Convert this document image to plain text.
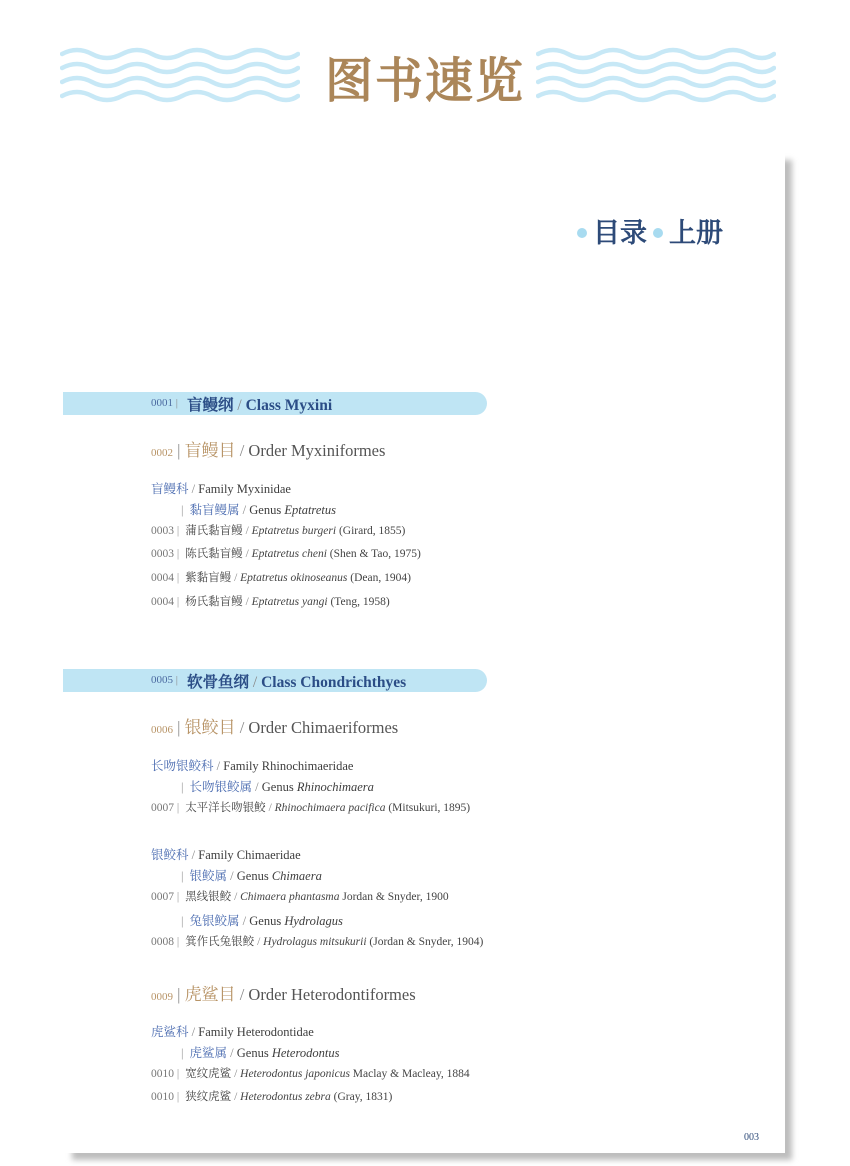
图书速览
目录 上册
0001 | 盲鳗纲 / Class Myxini
0002 | 盲鳗目 / Order Myxiniformes
盲鳗科 / Family Myxinidae
| 黏盲鳗属 / Genus Eptatretus
0003 | 蒲氏黏盲鳗 / Eptatretus burgeri (Girard, 1855)
0003 | 陈氏黏盲鳗 / Eptatretus cheni (Shen & Tao, 1975)
0004 | 紫黏盲鳗 / Eptatretus okinoseanus (Dean, 1904)
0004 | 杨氏黏盲鳗 / Eptatretus yangi (Teng, 1958)
0005 | 软骨鱼纲 / Class Chondrichthyes
0006 | 银鲛目 / Order Chimaeriformes
长吻银鲛科 / Family Rhinochimaeridae
| 长吻银鲛属 / Genus Rhinochimaera
0007 | 太平洋长吻银鲛 / Rhinochimaera pacifica (Mitsukuri, 1895)
银鲛科 / Family Chimaeridae
| 银鲛属 / Genus Chimaera
0007 | 黑线银鲛 / Chimaera phantasma Jordan & Snyder, 1900
| 兔银鲛属 / Genus Hydrolagus
0008 | 箕作氏兔银鲛 / Hydrolagus mitsukurii (Jordan & Snyder, 1904)
0009 | 虎鲨目 / Order Heterodontiformes
虎鲨科 / Family Heterodontidae
| 虎鲨属 / Genus Heterodontus
0010 | 宽纹虎鲨 / Heterodontus japonicus Maclay & Macleay, 1884
0010 | 狭纹虎鲨 / Heterodontus zebra (Gray, 1831)
003
